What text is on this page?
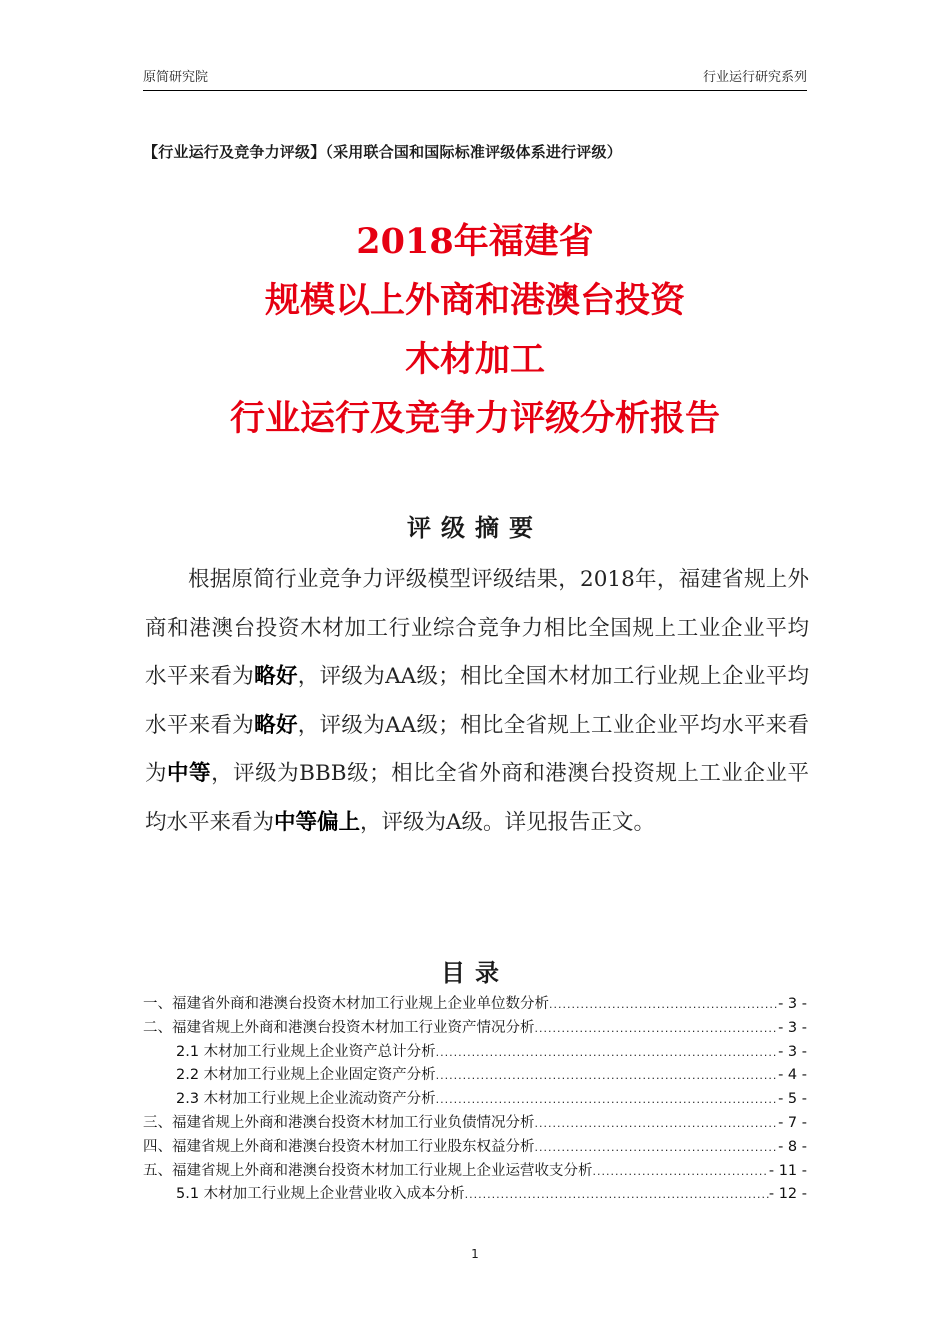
原简研究院	行业运行研究系列
【行业运行及竞争力评级】（采用联合国和国际标准评级体系进行评级）
2018年福建省
规模以上外商和港澳台投资
木材加工
行业运行及竞争力评级分析报告
评级摘要
根据原简行业竞争力评级模型评级结果，2018年，福建省规上外商和港澳台投资木材加工行业综合竞争力相比全国规上工业企业平均水平来看为略好，评级为AA级；相比全国木材加工行业规上企业平均水平来看为略好，评级为AA级；相比全省规上工业企业平均水平来看为中等，评级为BBB级；相比全省外商和港澳台投资规上工业企业平均水平来看为中等偏上，评级为A级。详见报告正文。
目录
一、福建省外商和港澳台投资木材加工行业规上企业单位数分析 .....	- 3 -
二、福建省规上外商和港澳台投资木材加工行业资产情况分析 .....	- 3 -
2.1 木材加工行业规上企业资产总计分析 .....	- 3 -
2.2 木材加工行业规上企业固定资产分析 .....	- 4 -
2.3 木材加工行业规上企业流动资产分析 .....	- 5 -
三、福建省规上外商和港澳台投资木材加工行业负债情况分析 .....	- 7 -
四、福建省规上外商和港澳台投资木材加工行业股东权益分析 .....	- 8 -
五、福建省规上外商和港澳台投资木材加工行业规上企业运营收支分析 .....	- 11 -
5.1 木材加工行业规上企业营业收入成本分析 .....	- 12 -
1
